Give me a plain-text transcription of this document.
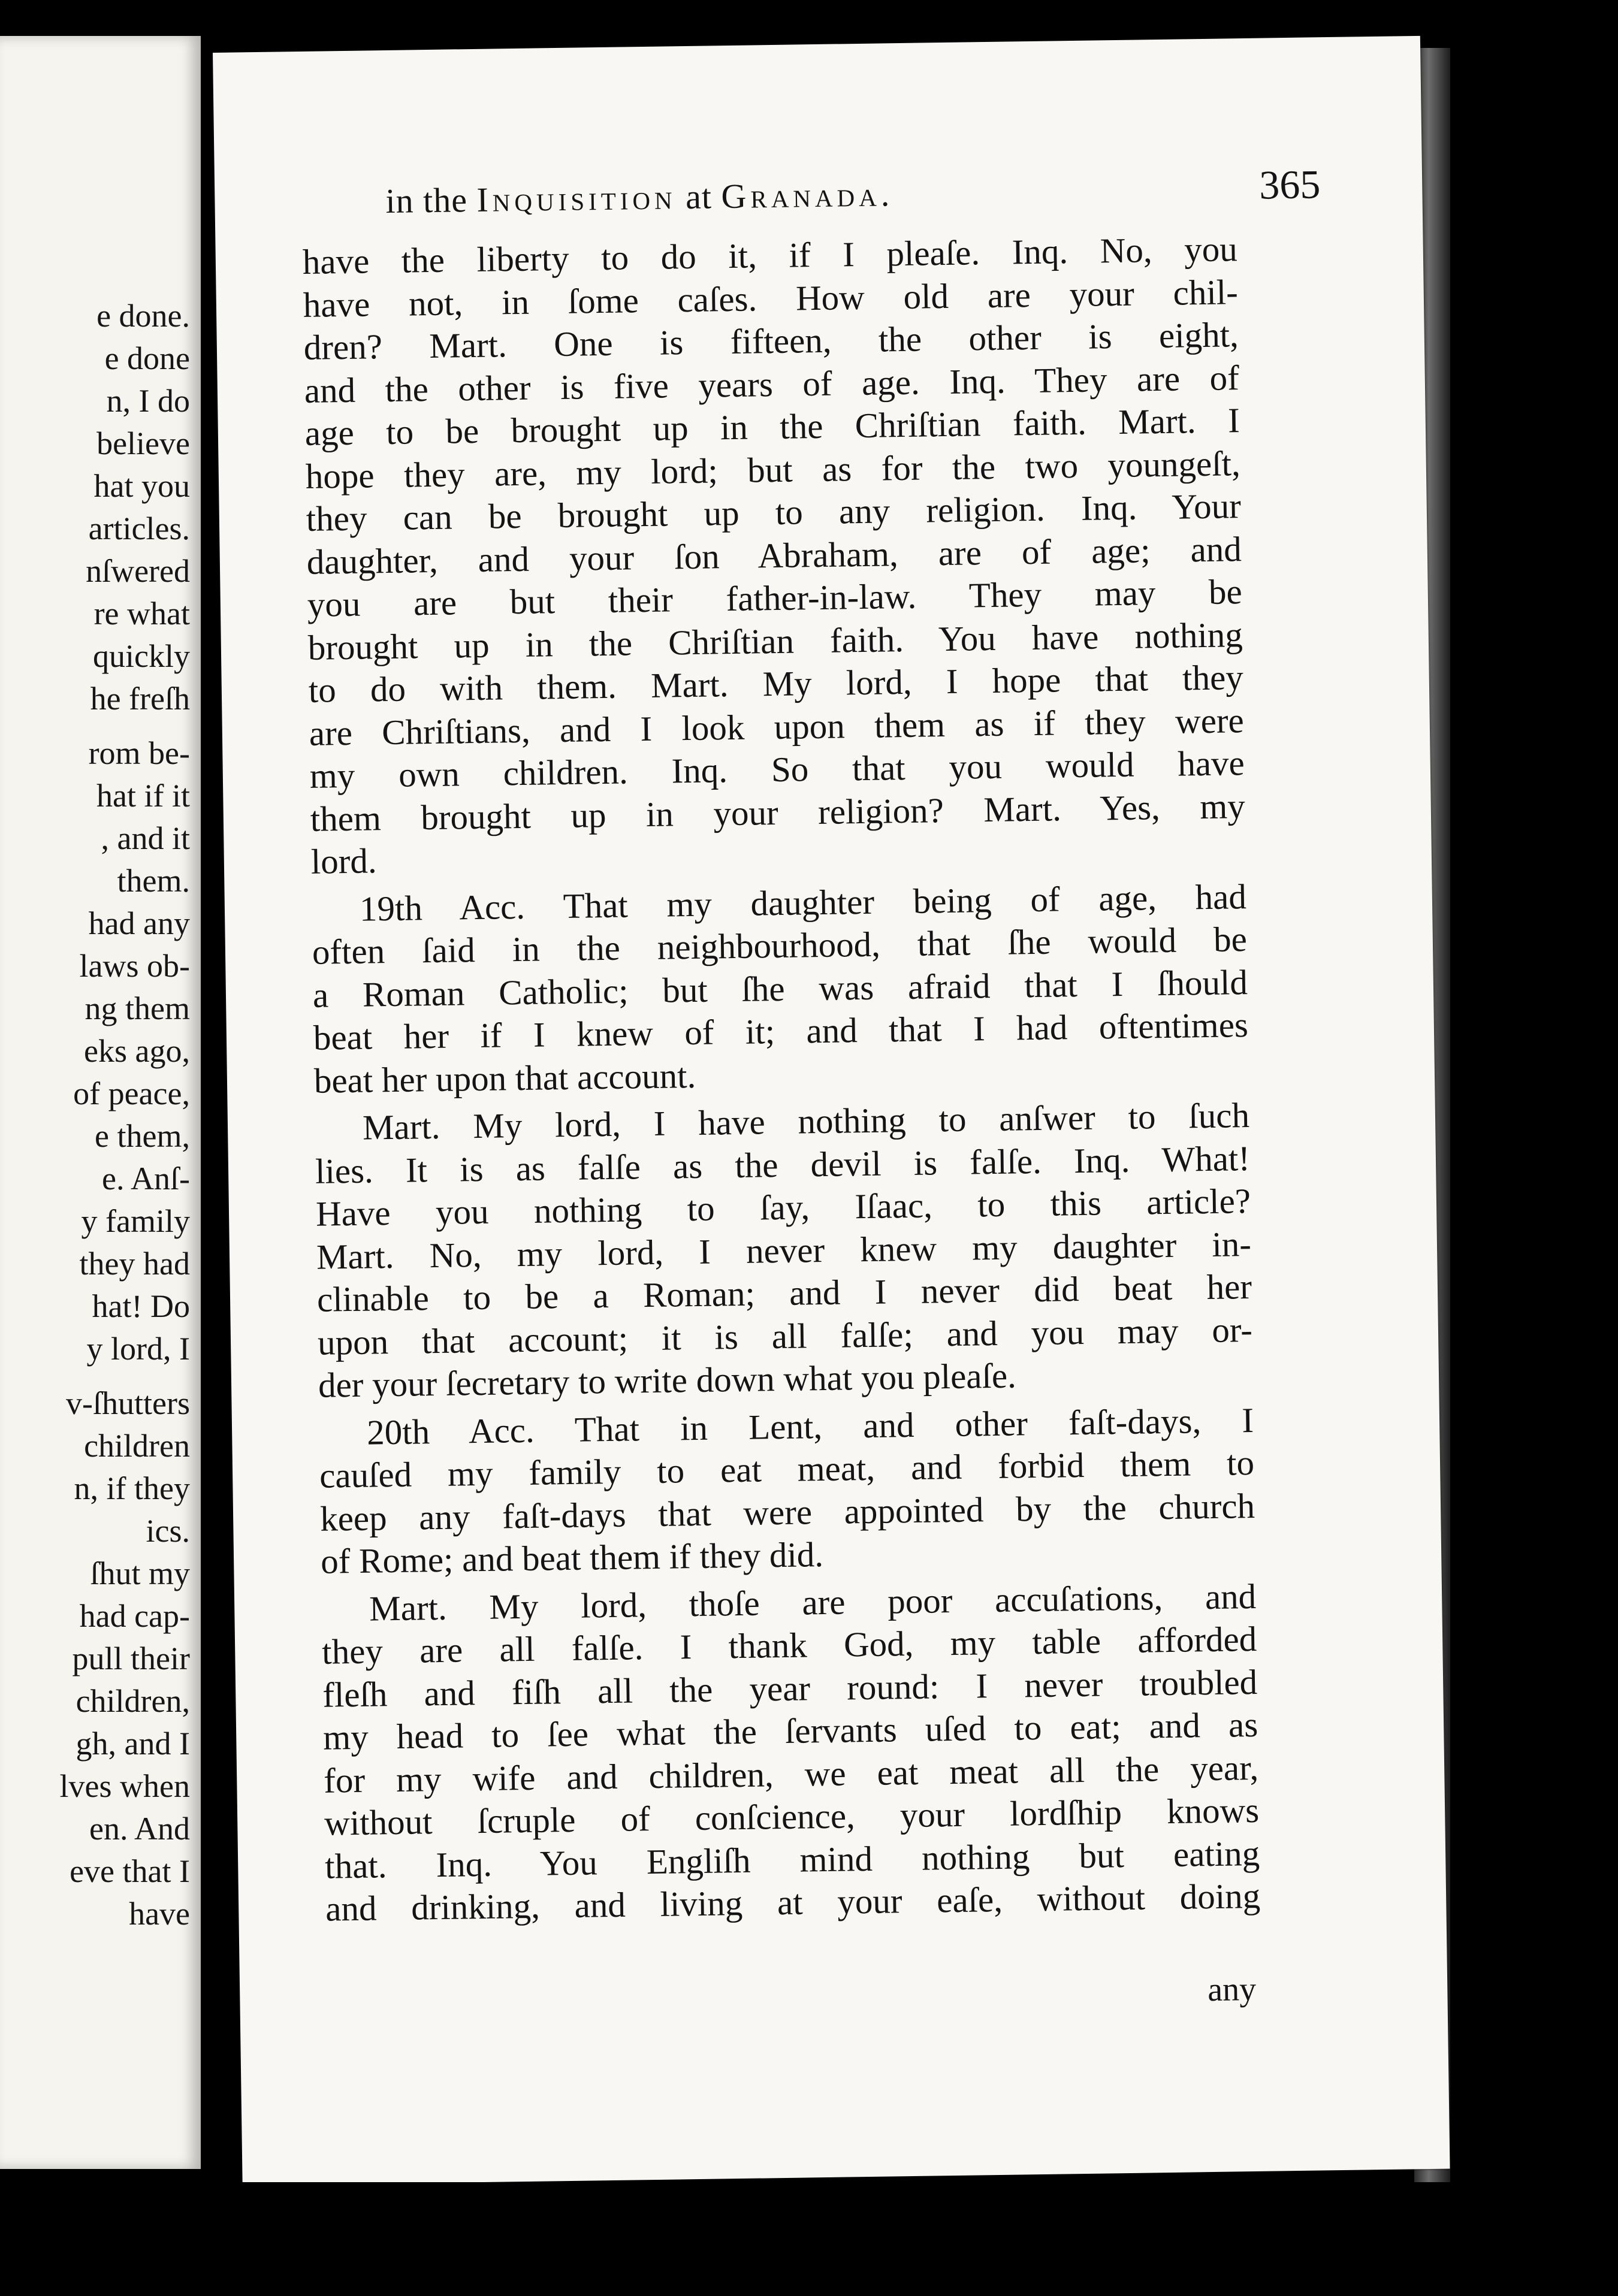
e done.
e done
n, I do
believe
hat you
articles.
nſwered
re what
quickly
he freſh
rom be-
hat if it
, and it
them.
had any
laws ob-
ng them
eks ago,
of peace,
e them,
e. Anſ-
y family
they had
hat! Do
y lord, I
v-ſhutters
children
n, if they
ics.
ſhut my
had cap-
pull their
children,
gh, and I
lves when
en. And
eve that I
have
in the Inquisition at Granada.	365
have the liberty to do it, if I pleaſe. Inq. No, you
have not, in ſome caſes. How old are your chil-
dren? Mart. One is fifteen, the other is eight,
and the other is five years of age. Inq. They are of
age to be brought up in the Chriſtian faith. Mart. I
hope they are, my lord; but as for the two youngeſt,
they can be brought up to any religion. Inq. Your
daughter, and your ſon Abraham, are of age; and
you are but their father-in-law. They may be
brought up in the Chriſtian faith. You have nothing
to do with them. Mart. My lord, I hope that they
are Chriſtians, and I look upon them as if they were
my own children. Inq. So that you would have
them brought up in your religion? Mart. Yes, my
lord.
19th Acc. That my daughter being of age, had
often ſaid in the neighbourhood, that ſhe would be
a Roman Catholic; but ſhe was afraid that I ſhould
beat her if I knew of it; and that I had oftentimes
beat her upon that account.
Mart. My lord, I have nothing to anſwer to ſuch
lies. It is as falſe as the devil is falſe. Inq. What!
Have you nothing to ſay, Iſaac, to this article?
Mart. No, my lord, I never knew my daughter in-
clinable to be a Roman; and I never did beat her
upon that account; it is all falſe; and you may or-
der your ſecretary to write down what you pleaſe.
20th Acc. That in Lent, and other faſt-days, I
cauſed my family to eat meat, and forbid them to
keep any faſt-days that were appointed by the church
of Rome; and beat them if they did.
Mart. My lord, thoſe are poor accuſations, and
they are all falſe. I thank God, my table afforded
fleſh and fiſh all the year round: I never troubled
my head to ſee what the ſervants uſed to eat; and as
for my wife and children, we eat meat all the year,
without ſcruple of conſcience, your lordſhip knows
that. Inq. You Engliſh mind nothing but eating
and drinking, and living at your eaſe, without doing
any
